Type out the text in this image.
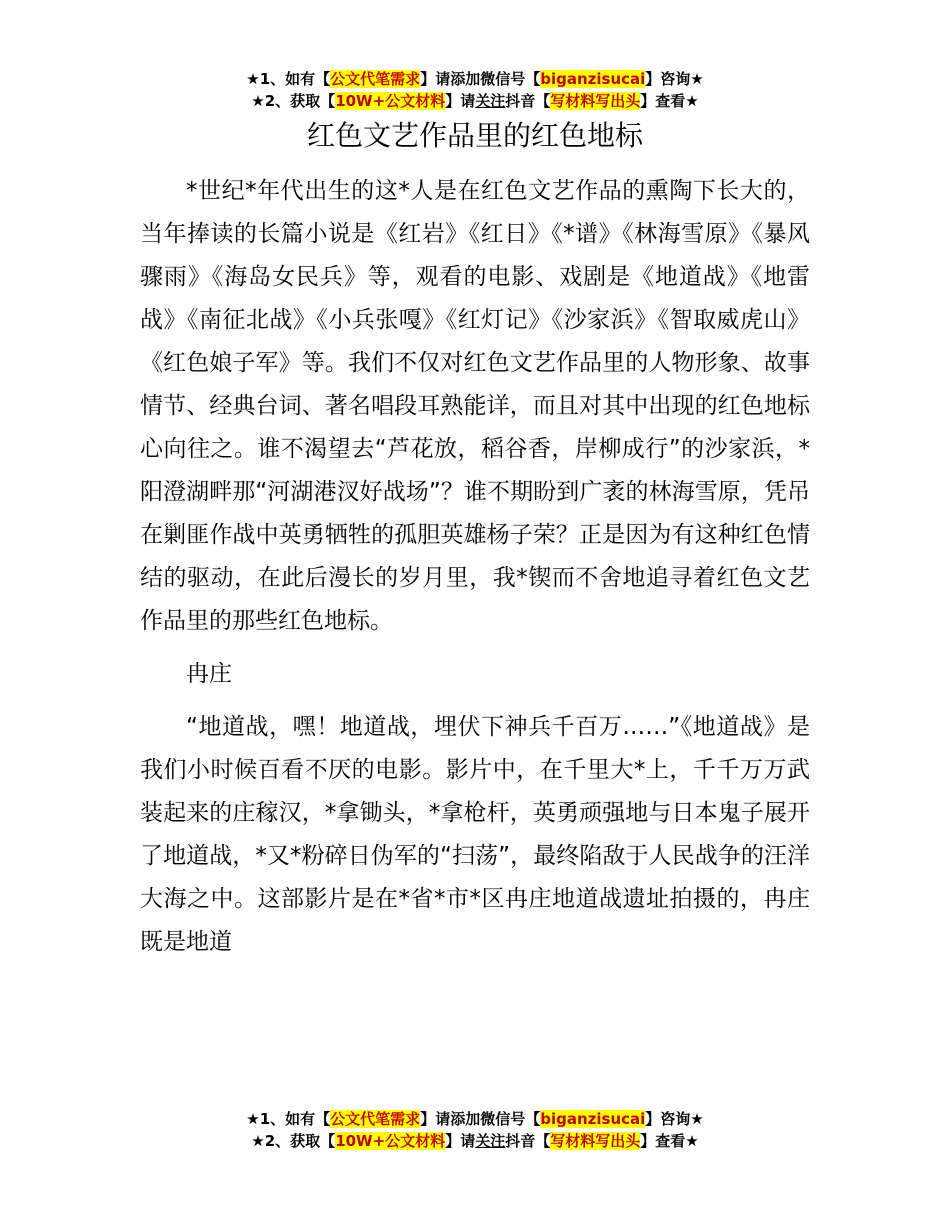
★1、如有【公文代笔需求】请添加微信号【biganzisucai】咨询★
★2、获取【10W+公文材料】请关注抖音【写材料写出头】查看★
红色文艺作品里的红色地标

*世纪*年代出生的这*人是在红色文艺作品的熏陶下长大的，当年捧读的长篇小说是《红岩》《红日》《*谱》《林海雪原》《暴风骤雨》《海岛女民兵》等，观看的电影、戏剧是《地道战》《地雷战》《南征北战》《小兵张嘎》《红灯记》《沙家浜》《智取威虎山》《红色娘子军》等。我们不仅对红色文艺作品里的人物形象、故事情节、经典台词、著名唱段耳熟能详，而且对其中出现的红色地标心向往之。谁不渴望去“芦花放，稻谷香，岸柳成行”的沙家浜，*阳澄湖畔那“河湖港汊好战场”？谁不期盼到广袤的林海雪原，凭吊在剿匪作战中英勇牺牲的孤胆英雄杨子荣？正是因为有这种红色情结的驱动，在此后漫长的岁月里，我*锲而不舍地追寻着红色文艺作品里的那些红色地标。

冉庄

“地道战，嘿！地道战，埋伏下神兵千百万……”《地道战》是我们小时候百看不厌的电影。影片中，在千里大*上，千千万万武装起来的庄稼汉，*拿锄头，*拿枪杆，英勇顽强地与日本鬼子展开了地道战，*又*粉碎日伪军的“扫荡”，最终陷敌于人民战争的汪洋大海之中。这部影片是在*省*市*区冉庄地道战遗址拍摄的，冉庄既是地道

★1、如有【公文代笔需求】请添加微信号【biganzisucai】咨询★
★2、获取【10W+公文材料】请关注抖音【写材料写出头】查看★
